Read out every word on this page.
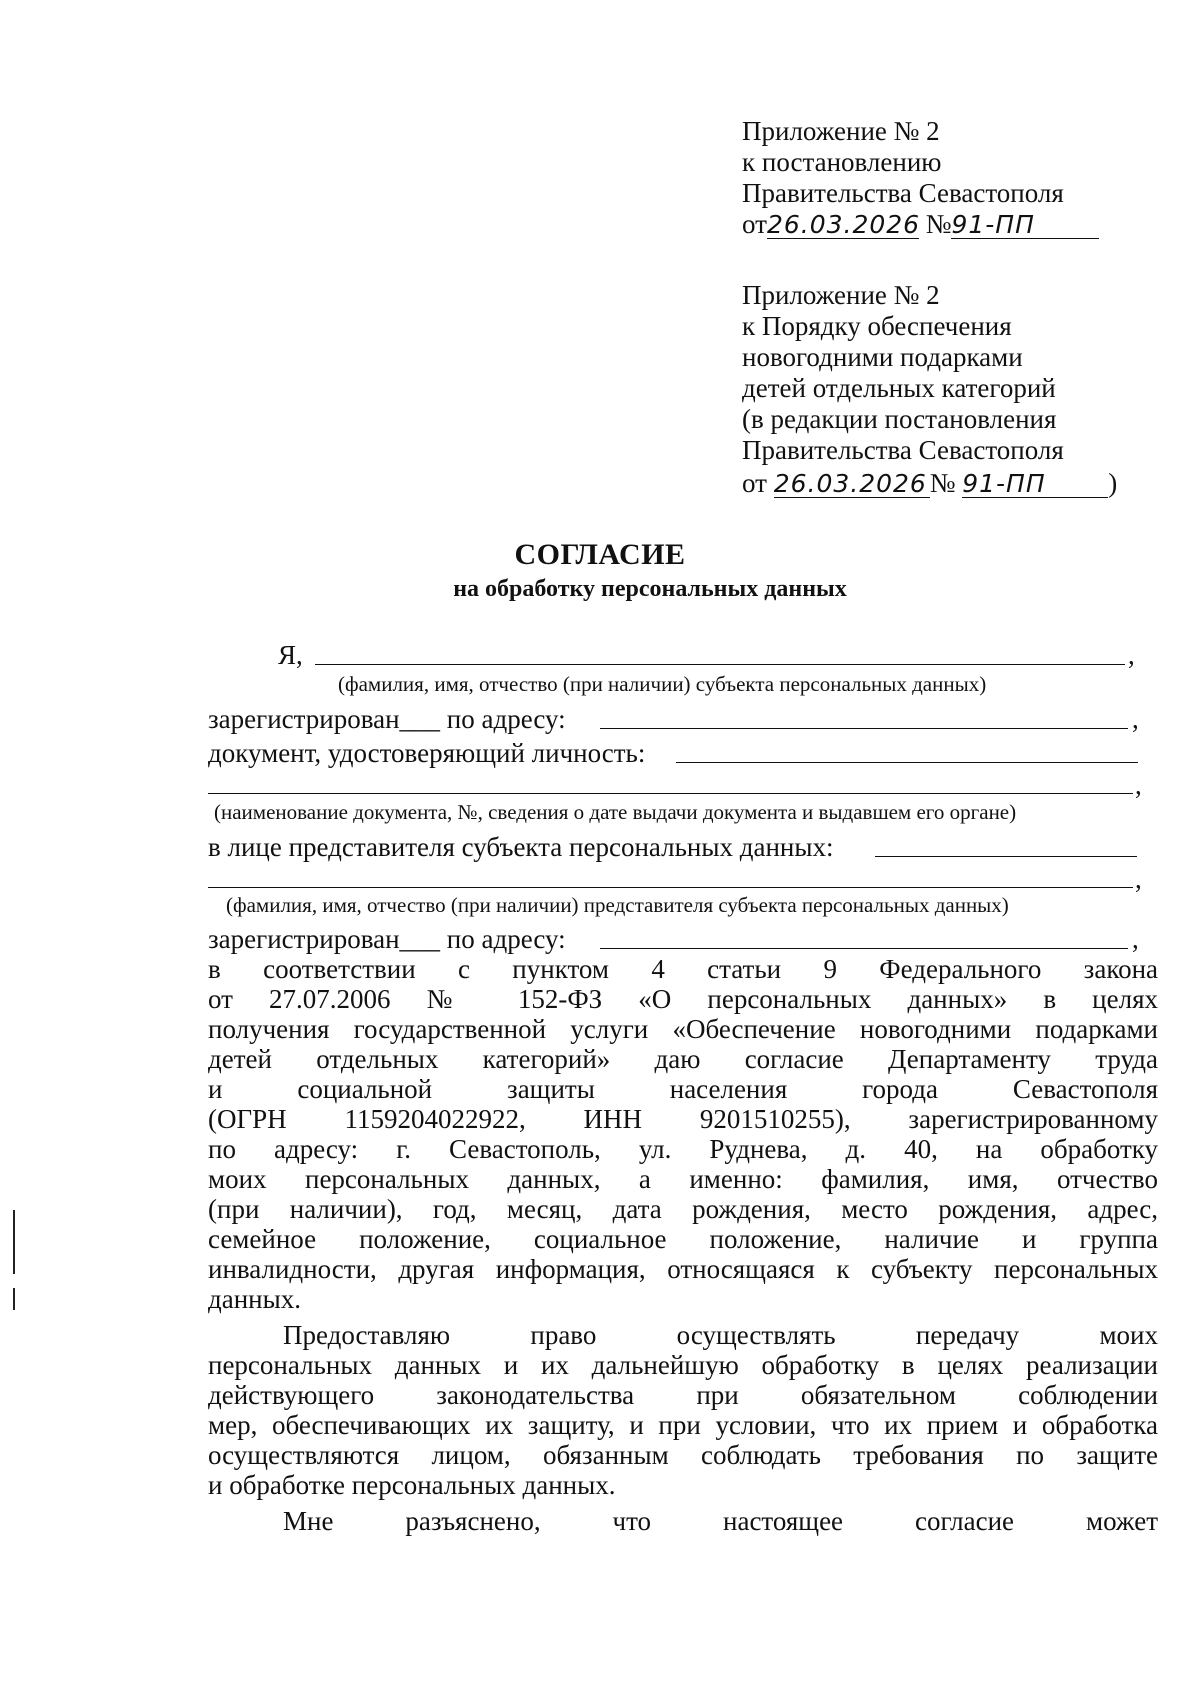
Приложение № 2
к постановлению
Правительства Севастополя
от26.03.2026 №91-ПП
Приложение № 2
к Порядку обеспечения
новогодними подарками
детей отдельных категорий
(в редакции постановления
Правительства Севастополя
от 26.03.2026 № 91-ПП )
СОГЛАСИЕ
на обработку персональных данных
Я,	,
(фамилия, имя, отчество (при наличии) субъекта персональных данных)
зарегистрирован___ по адресу:	,
документ, удостоверяющий личность:
,
(наименование документа, №, сведения о дате выдачи документа и выдавшем его органе)
в лице представителя субъекта персональных данных:
,
(фамилия, имя, отчество (при наличии) представителя субъекта персональных данных)
зарегистрирован___ по адресу:	,
в соответствии с пунктом 4 статьи 9 Федерального закона
от 27.07.2006 № 152-ФЗ «О персональных данных» в целях
получения государственной услуги «Обеспечение новогодними подарками
детей отдельных категорий» даю согласие Департаменту труда
и социальной защиты населения города Севастополя
(ОГРН 1159204022922, ИНН 9201510255), зарегистрированному
по адресу: г. Севастополь, ул. Руднева, д. 40, на обработку
моих персональных данных, а именно: фамилия, имя, отчество
(при наличии), год, месяц, дата рождения, место рождения, адрес,
семейное положение, социальное положение, наличие и группа
инвалидности, другая информация, относящаяся к субъекту персональных
данных.
Предоставляю право осуществлять передачу моих
персональных данных и их дальнейшую обработку в целях реализации
действующего законодательства при обязательном соблюдении
мер, обеспечивающих их защиту, и при условии, что их прием и обработка
осуществляются лицом, обязанным соблюдать требования по защите
и обработке персональных данных.
Мне разъяснено, что настоящее согласие может
